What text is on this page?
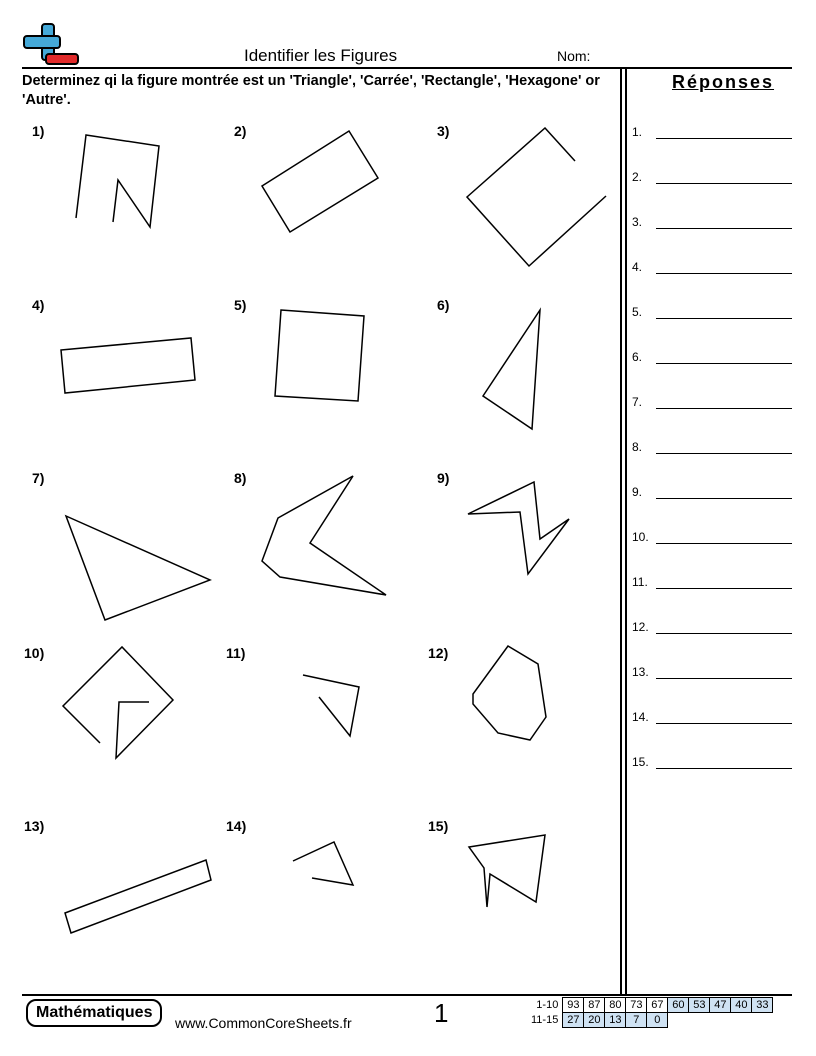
Identifier les Figures	Nom:
Determinez qi la figure montrée est un 'Triangle', 'Carrée', 'Rectangle', 'Hexagone' or 'Autre'.
1)	2)	3)
4)	5)	6)
7)	8)	9)
10)	11)	12)
13)	14)	15)
Réponses
1.
2.
3.
4.
5.
6.
7.
8.
9.
10.
11.
12.
13.
14.
15.
Mathématiques
www.CommonCoreSheets.fr	1	1-10	93	87	80	73	67	60	53	47	40	33
11-15	27	20	13	7	0					
